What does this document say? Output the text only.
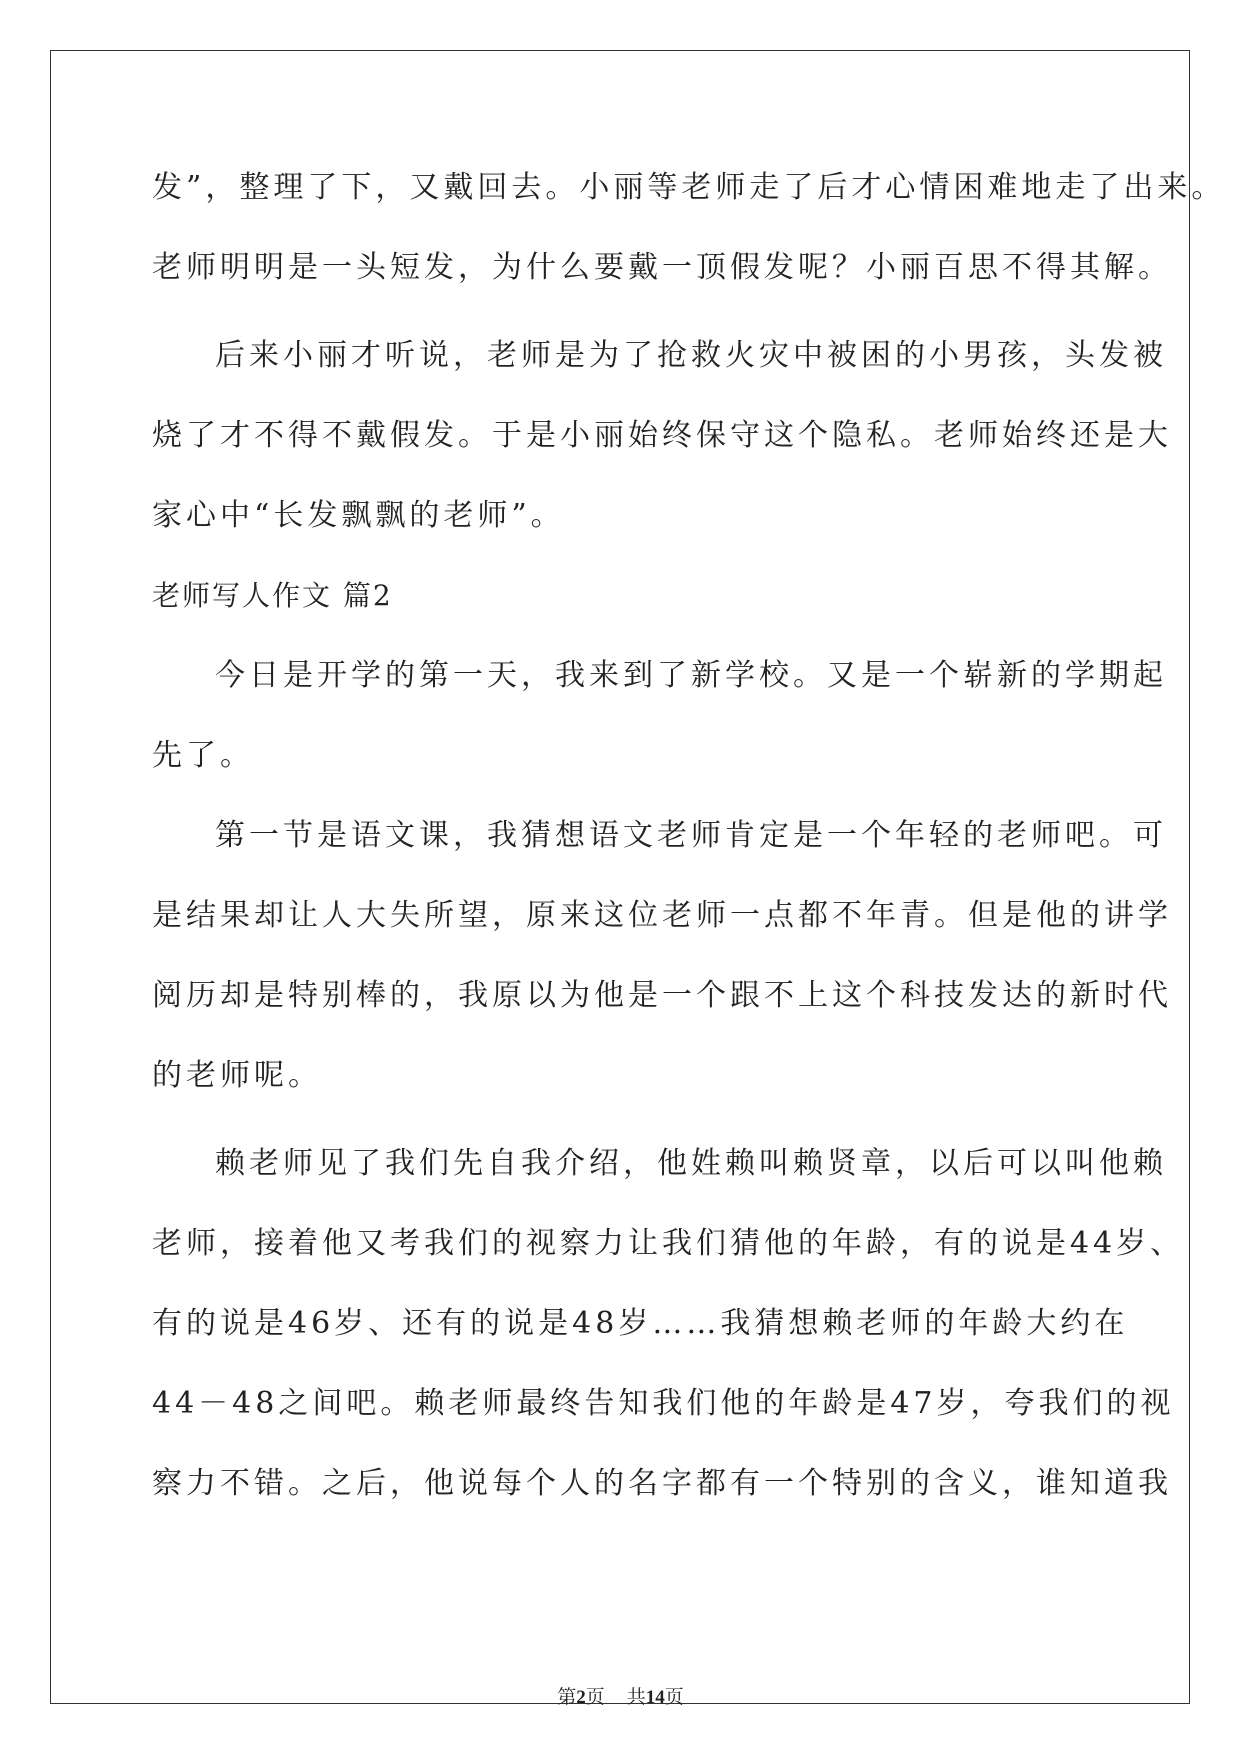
发”，整理了下，又戴回去。小丽等老师走了后才心情困难地走了出来。
老师明明是一头短发，为什么要戴一顶假发呢？小丽百思不得其解。
后来小丽才听说，老师是为了抢救火灾中被困的小男孩，头发被
烧了才不得不戴假发。于是小丽始终保守这个隐私。老师始终还是大
家心中“长发飘飘的老师”。
老师写人作文 篇2
今日是开学的第一天，我来到了新学校。又是一个崭新的学期起
先了。
第一节是语文课，我猜想语文老师肯定是一个年轻的老师吧。可
是结果却让人大失所望，原来这位老师一点都不年青。但是他的讲学
阅历却是特别棒的，我原以为他是一个跟不上这个科技发达的新时代
的老师呢。
赖老师见了我们先自我介绍，他姓赖叫赖贤章，以后可以叫他赖
老师，接着他又考我们的视察力让我们猜他的年龄，有的说是44岁、
有的说是46岁、还有的说是48岁……我猜想赖老师的年龄大约在
44－48之间吧。赖老师最终告知我们他的年龄是47岁，夸我们的视
察力不错。之后，他说每个人的名字都有一个特别的含义，谁知道我
第2页 共14页
